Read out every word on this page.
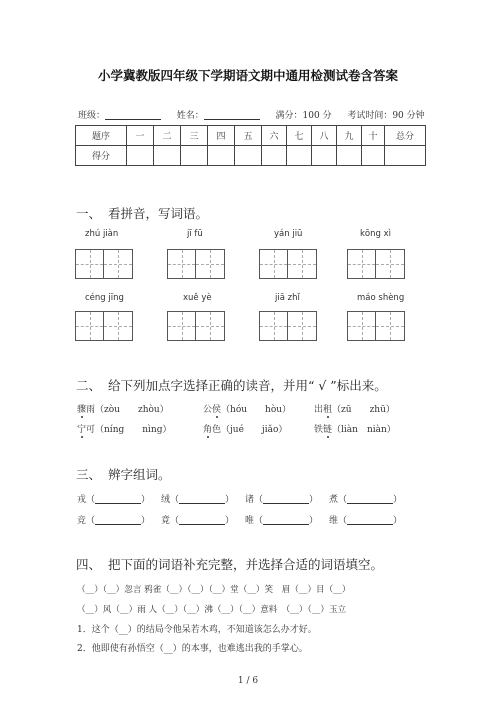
小学冀教版四年级下学期语文期中通用检测试卷含答案
班级：	姓名：	满分：100 分 考试时间：90 分钟
题序	一	二	三	四	五	六	七	八	九	十	总分
得分											
一、 看拼音，写词语。
zhú jiàn	jī fū	yán jiū	kōng xì
céng jīng	xuě yè	jiā zhǐ	máo shèng
二、 给下列加点字选择正确的读音，并用“ √ ”标出来。
骤雨（zòu　　zhòu）	公侯（hóu　　hòu）	出租（zū　　zhū）
宁可（níng　　nìng）	角色（jué　　jiǎo）	铁链（liàn　niàn）
三、 辨字组词。
戎（	） 绒（	） 诸（	） 煮（	）
竞（	） 竟（	） 唯（	） 维（	）
四、 把下面的词语补充完整，并选择合适的词语填空。
（__）（__）忽言 鸦雀（__）（__）（__）堂（__）笑　眉（__）目（__）
（__）风（__）雨 人（__）（__）沸（__）（__）意料　（__）（__）玉立
1．这个（__）的结局令他呆若木鸡，不知道该怎么办才好。
2．他即使有孙悟空（__）的本事，也难逃出我的手掌心。
1 / 6
